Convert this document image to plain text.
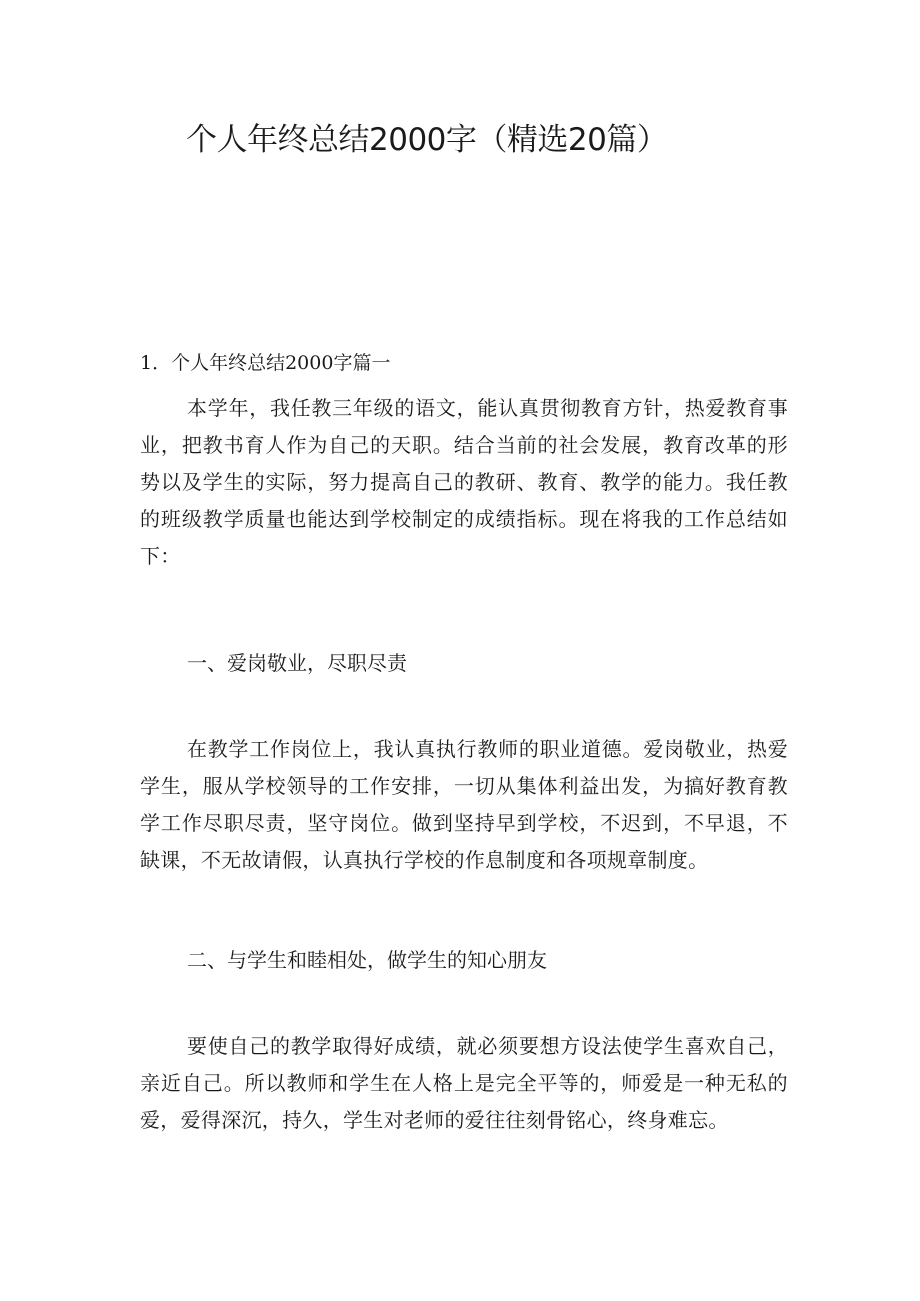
个人年终总结2000字（精选20篇）
1．个人年终总结2000字篇一

本学年，我任教三年级的语文，能认真贯彻教育方针，热爱教育事业，把教书育人作为自己的天职。结合当前的社会发展，教育改革的形势以及学生的实际，努力提高自己的教研、教育、教学的能力。我任教的班级教学质量也能达到学校制定的成绩指标。现在将我的工作总结如下：

一、爱岗敬业，尽职尽责

在教学工作岗位上，我认真执行教师的职业道德。爱岗敬业，热爱学生，服从学校领导的工作安排，一切从集体利益出发，为搞好教育教学工作尽职尽责，坚守岗位。做到坚持早到学校，不迟到，不早退，不缺课，不无故请假，认真执行学校的作息制度和各项规章制度。

二、与学生和睦相处，做学生的知心朋友

要使自己的教学取得好成绩，就必须要想方设法使学生喜欢自己，亲近自己。所以教师和学生在人格上是完全平等的，师爱是一种无私的爱，爱得深沉，持久，学生对老师的爱往往刻骨铭心，终身难忘。
